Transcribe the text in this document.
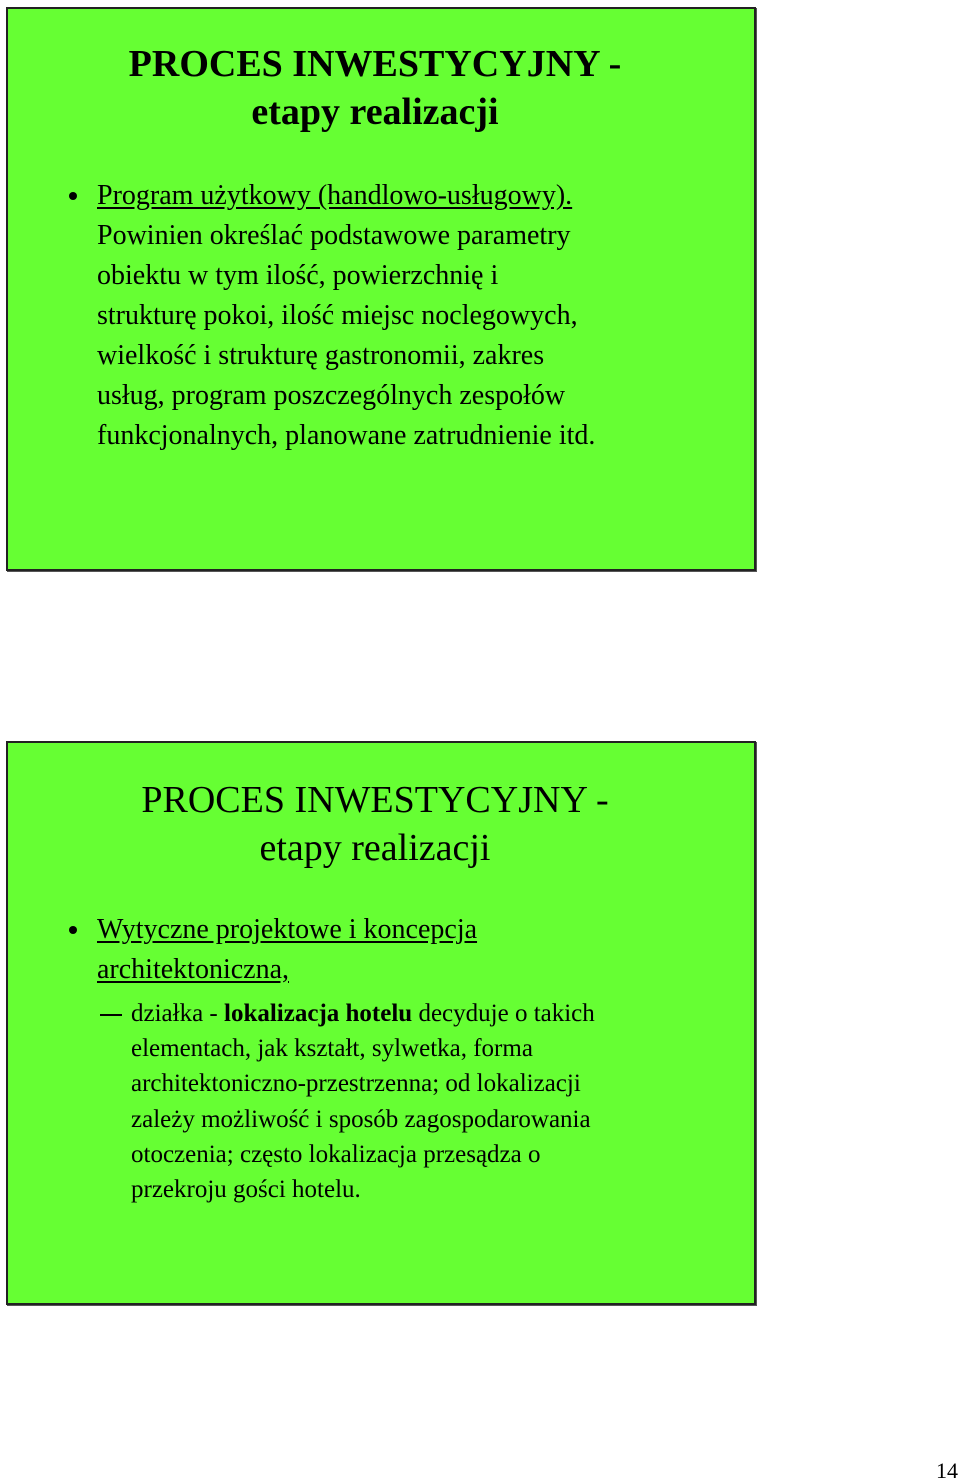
PROCES INWESTYCYJNY -
etapy realizacji

Program użytkowy (handlowo-usługowy).
Powinien określać podstawowe parametry
obiektu w tym ilość, powierzchnię i
strukturę pokoi, ilość miejsc noclegowych,
wielkość i strukturę gastronomii, zakres
usług, program poszczególnych zespołów
funkcjonalnych, planowane zatrudnienie itd.

PROCES INWESTYCYJNY -
etapy realizacji

Wytyczne projektowe i koncepcja
architektoniczna,
działka - lokalizacja hotelu decyduje o takich
elementach, jak kształt, sylwetka, forma
architektoniczno-przestrzenna; od lokalizacji
zależy możliwość i sposób zagospodarowania
otoczenia; często lokalizacja przesądza o
przekroju gości hotelu.
14
